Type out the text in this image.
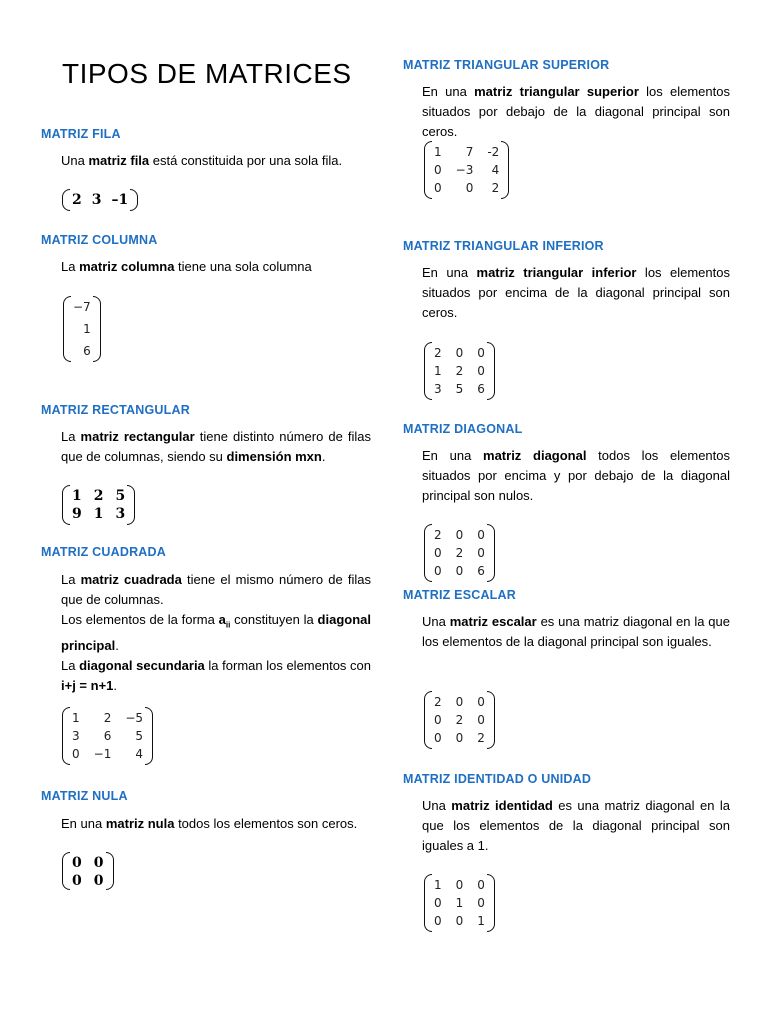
TIPOS DE MATRICES
MATRIZ FILA
Una matriz fila está constituida por una sola fila.
2 3 –1
MATRIZ COLUMNA
La matriz columna tiene una sola columna
−7
1
6
MATRIZ RECTANGULAR
La matriz rectangular tiene distinto número de filas que de columnas, siendo su dimensión mxn.
1 2 5
9 1 3
MATRIZ CUADRADA
La matriz cuadrada tiene el mismo número de filas que de columnas.
Los elementos de la forma $a_{ii}$ constituyen la diagonal principal.
La diagonal secundaria la forman los elementos con i+j = n+1.
1	2 −5
3	6	5
0 −1	4
MATRIZ NULA
En una matriz nula todos los elementos son ceros.
0 0
0 0
MATRIZ TRIANGULAR SUPERIOR
En una matriz triangular superior los elementos situados por debajo de la diagonal principal son ceros.
1	7 -2
0 −3	4
0	0	2
MATRIZ TRIANGULAR INFERIOR
En una matriz triangular inferior los elementos situados por encima de la diagonal principal son ceros.
2 0 0
1 2 0
3 5 6
MATRIZ DIAGONAL
En una matriz diagonal todos los elementos situados por encima y por debajo de la diagonal principal son nulos.
2 0 0
0 2 0
0 0 6
MATRIZ ESCALAR
Una matriz escalar es una matriz diagonal en la que los elementos de la diagonal principal son iguales.
2 0 0
0 2 0
0 0 2
MATRIZ IDENTIDAD O UNIDAD
Una matriz identidad es una matriz diagonal en la que los elementos de la diagonal principal son iguales a 1.
1 0 0
0 1 0
0 0 1
